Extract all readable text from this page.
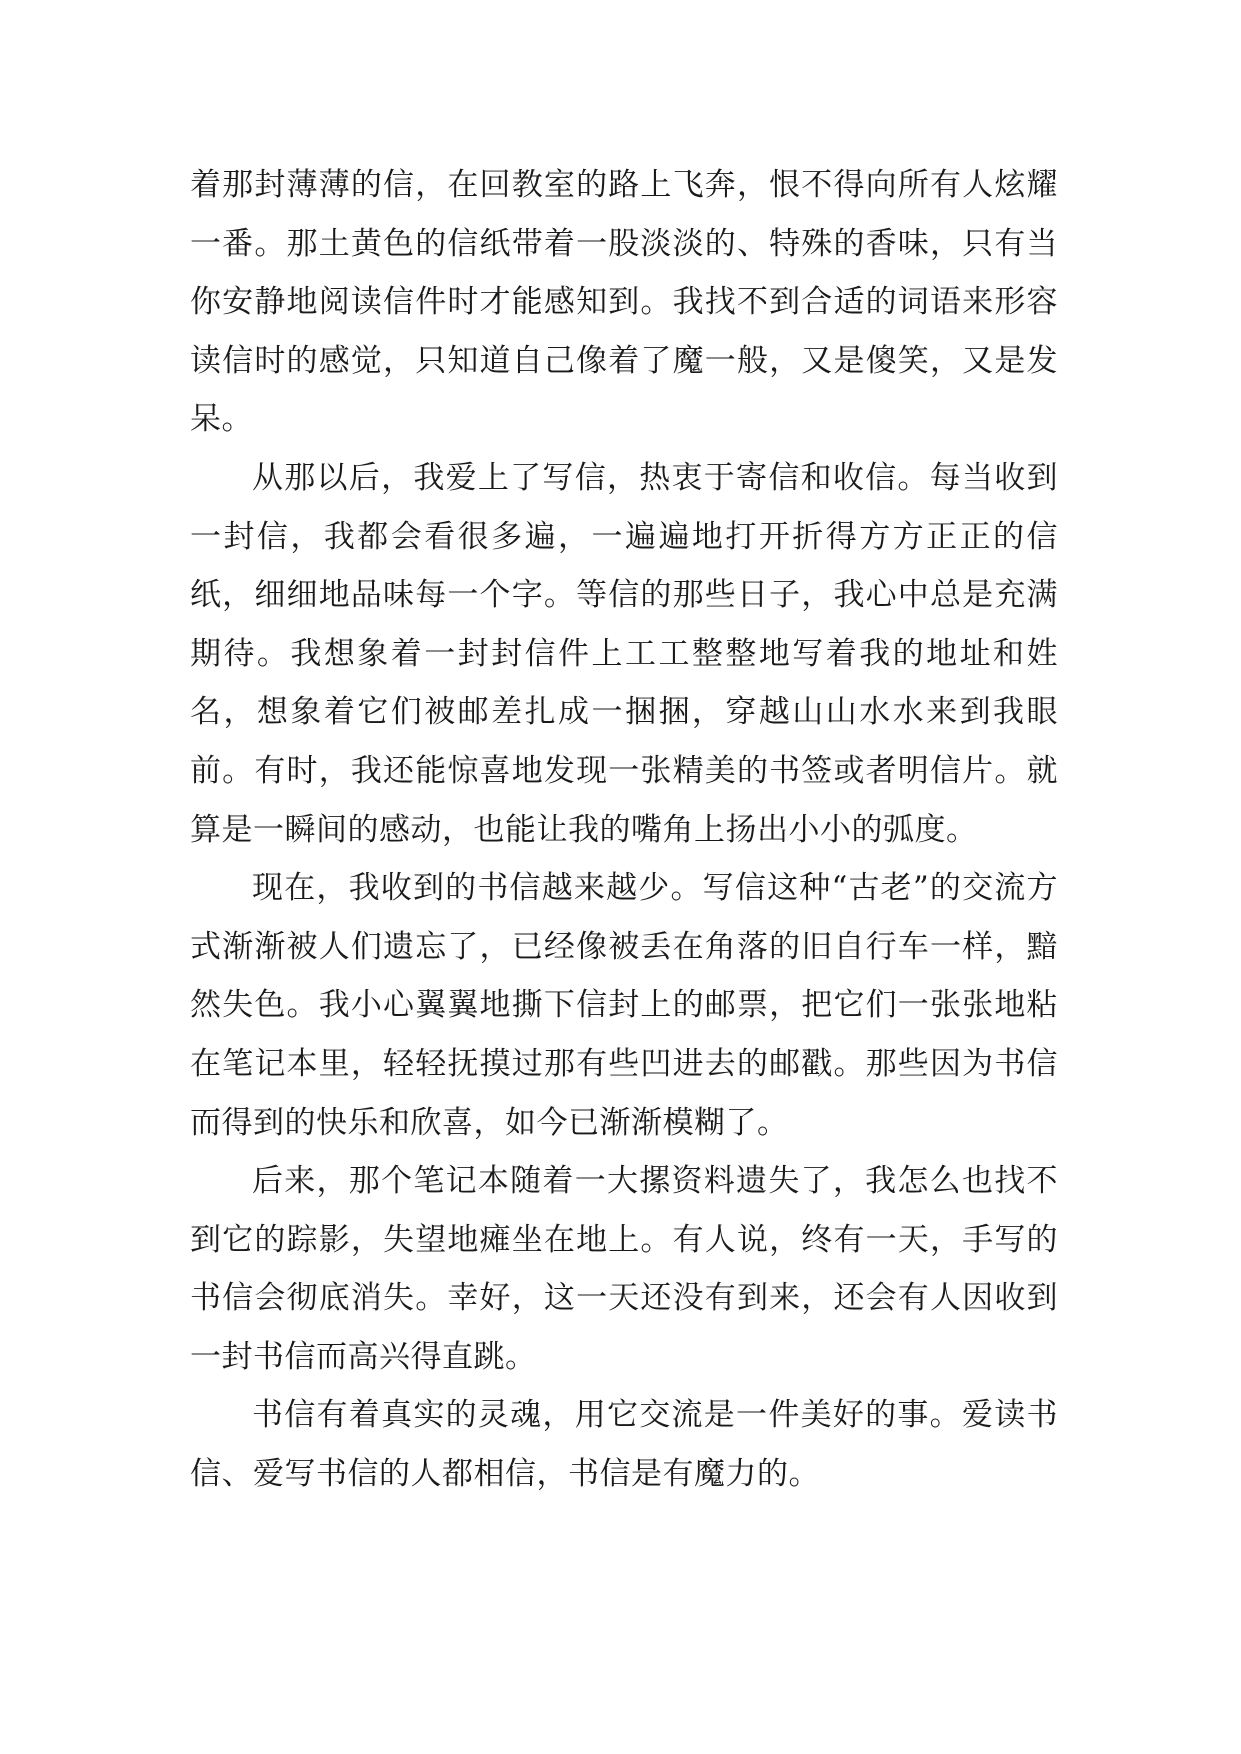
着那封薄薄的信，在回教室的路上飞奔，恨不得向所有人炫耀一番。那土黄色的信纸带着一股淡淡的、特殊的香味，只有当你安静地阅读信件时才能感知到。我找不到合适的词语来形容读信时的感觉，只知道自己像着了魔一般，又是傻笑，又是发呆。

从那以后，我爱上了写信，热衷于寄信和收信。每当收到一封信，我都会看很多遍，一遍遍地打开折得方方正正的信纸，细细地品味每一个字。等信的那些日子，我心中总是充满期待。我想象着一封封信件上工工整整地写着我的地址和姓名，想象着它们被邮差扎成一捆捆，穿越山山水水来到我眼前。有时，我还能惊喜地发现一张精美的书签或者明信片。就算是一瞬间的感动，也能让我的嘴角上扬出小小的弧度。

现在，我收到的书信越来越少。写信这种“古老”的交流方式渐渐被人们遗忘了，已经像被丢在角落的旧自行车一样，黯然失色。我小心翼翼地撕下信封上的邮票，把它们一张张地粘在笔记本里，轻轻抚摸过那有些凹进去的邮戳。那些因为书信而得到的快乐和欣喜，如今已渐渐模糊了。

后来，那个笔记本随着一大摞资料遗失了，我怎么也找不到它的踪影，失望地瘫坐在地上。有人说，终有一天，手写的书信会彻底消失。幸好，这一天还没有到来，还会有人因收到一封书信而高兴得直跳。

书信有着真实的灵魂，用它交流是一件美好的事。爱读书信、爱写书信的人都相信，书信是有魔力的。
